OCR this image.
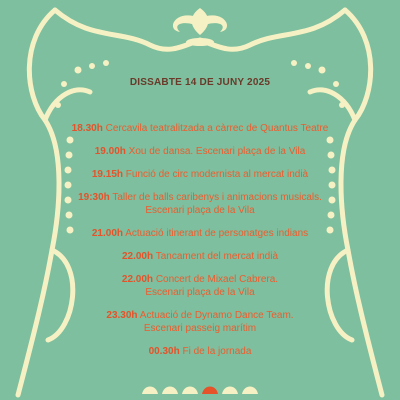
DISSABTE 14 DE JUNY 2025
18.30h Cercavila teatralitzada a càrrec de Quantus Teatre
19.00h Xou de dansa. Escenari plaça de la Vila
19.15h Funció de circ modernista al mercat indià
19:30h Taller de balls caribenys i animacions musicals.
Escenari plaça de la Vila
21.00h Actuació itinerant de personatges indians
22.00h Tancament del mercat indià
22.00h Concert de Mixael Cabrera.
Escenari plaça de la Vila
23.30h Actuació de Dynamo Dance Team.
Escenari passeig marítim
00.30h Fi de la jornada
